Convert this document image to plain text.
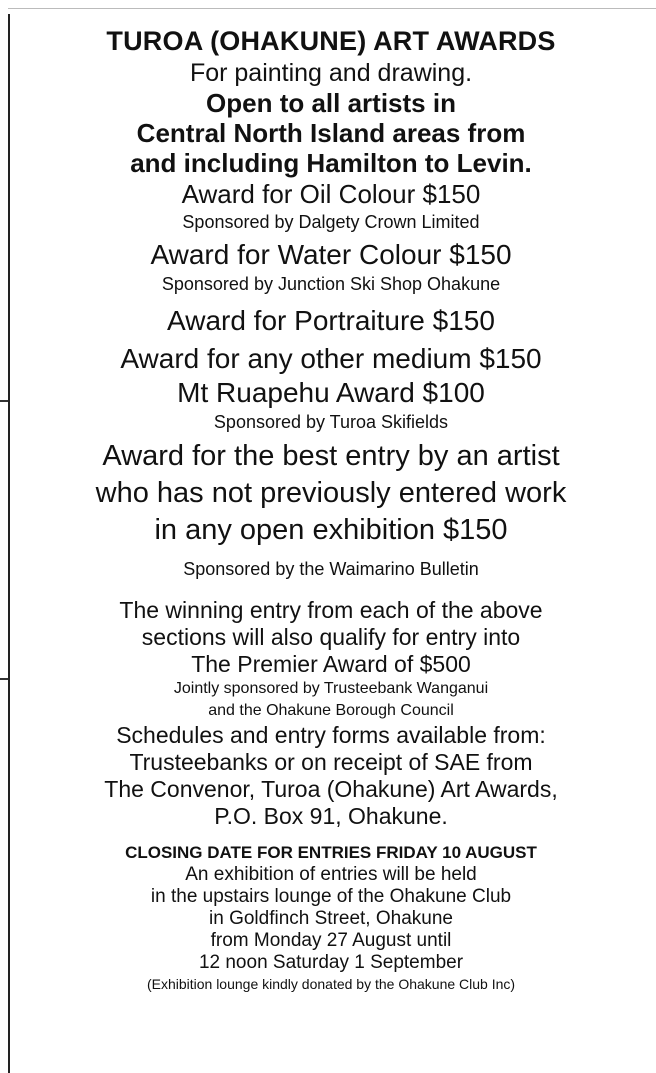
TUROA (OHAKUNE) ART AWARDS
For painting and drawing.
Open to all artists in
Central North Island areas from
and including Hamilton to Levin.
Award for Oil Colour $150
Sponsored by Dalgety Crown Limited
Award for Water Colour $150
Sponsored by Junction Ski Shop Ohakune
Award for Portraiture $150
Award for any other medium $150
Mt Ruapehu Award $100
Sponsored by Turoa Skifields
Award for the best entry by an artist
who has not previously entered work
in any open exhibition $150
Sponsored by the Waimarino Bulletin
The winning entry from each of the above
sections will also qualify for entry into
The Premier Award of $500
Jointly sponsored by Trusteebank Wanganui
and the Ohakune Borough Council
Schedules and entry forms available from:
Trusteebanks or on receipt of SAE from
The Convenor, Turoa (Ohakune) Art Awards,
P.O. Box 91, Ohakune.
CLOSING DATE FOR ENTRIES FRIDAY 10 AUGUST
An exhibition of entries will be held
in the upstairs lounge of the Ohakune Club
in Goldfinch Street, Ohakune
from Monday 27 August until
12 noon Saturday 1 September
(Exhibition lounge kindly donated by the Ohakune Club Inc)
